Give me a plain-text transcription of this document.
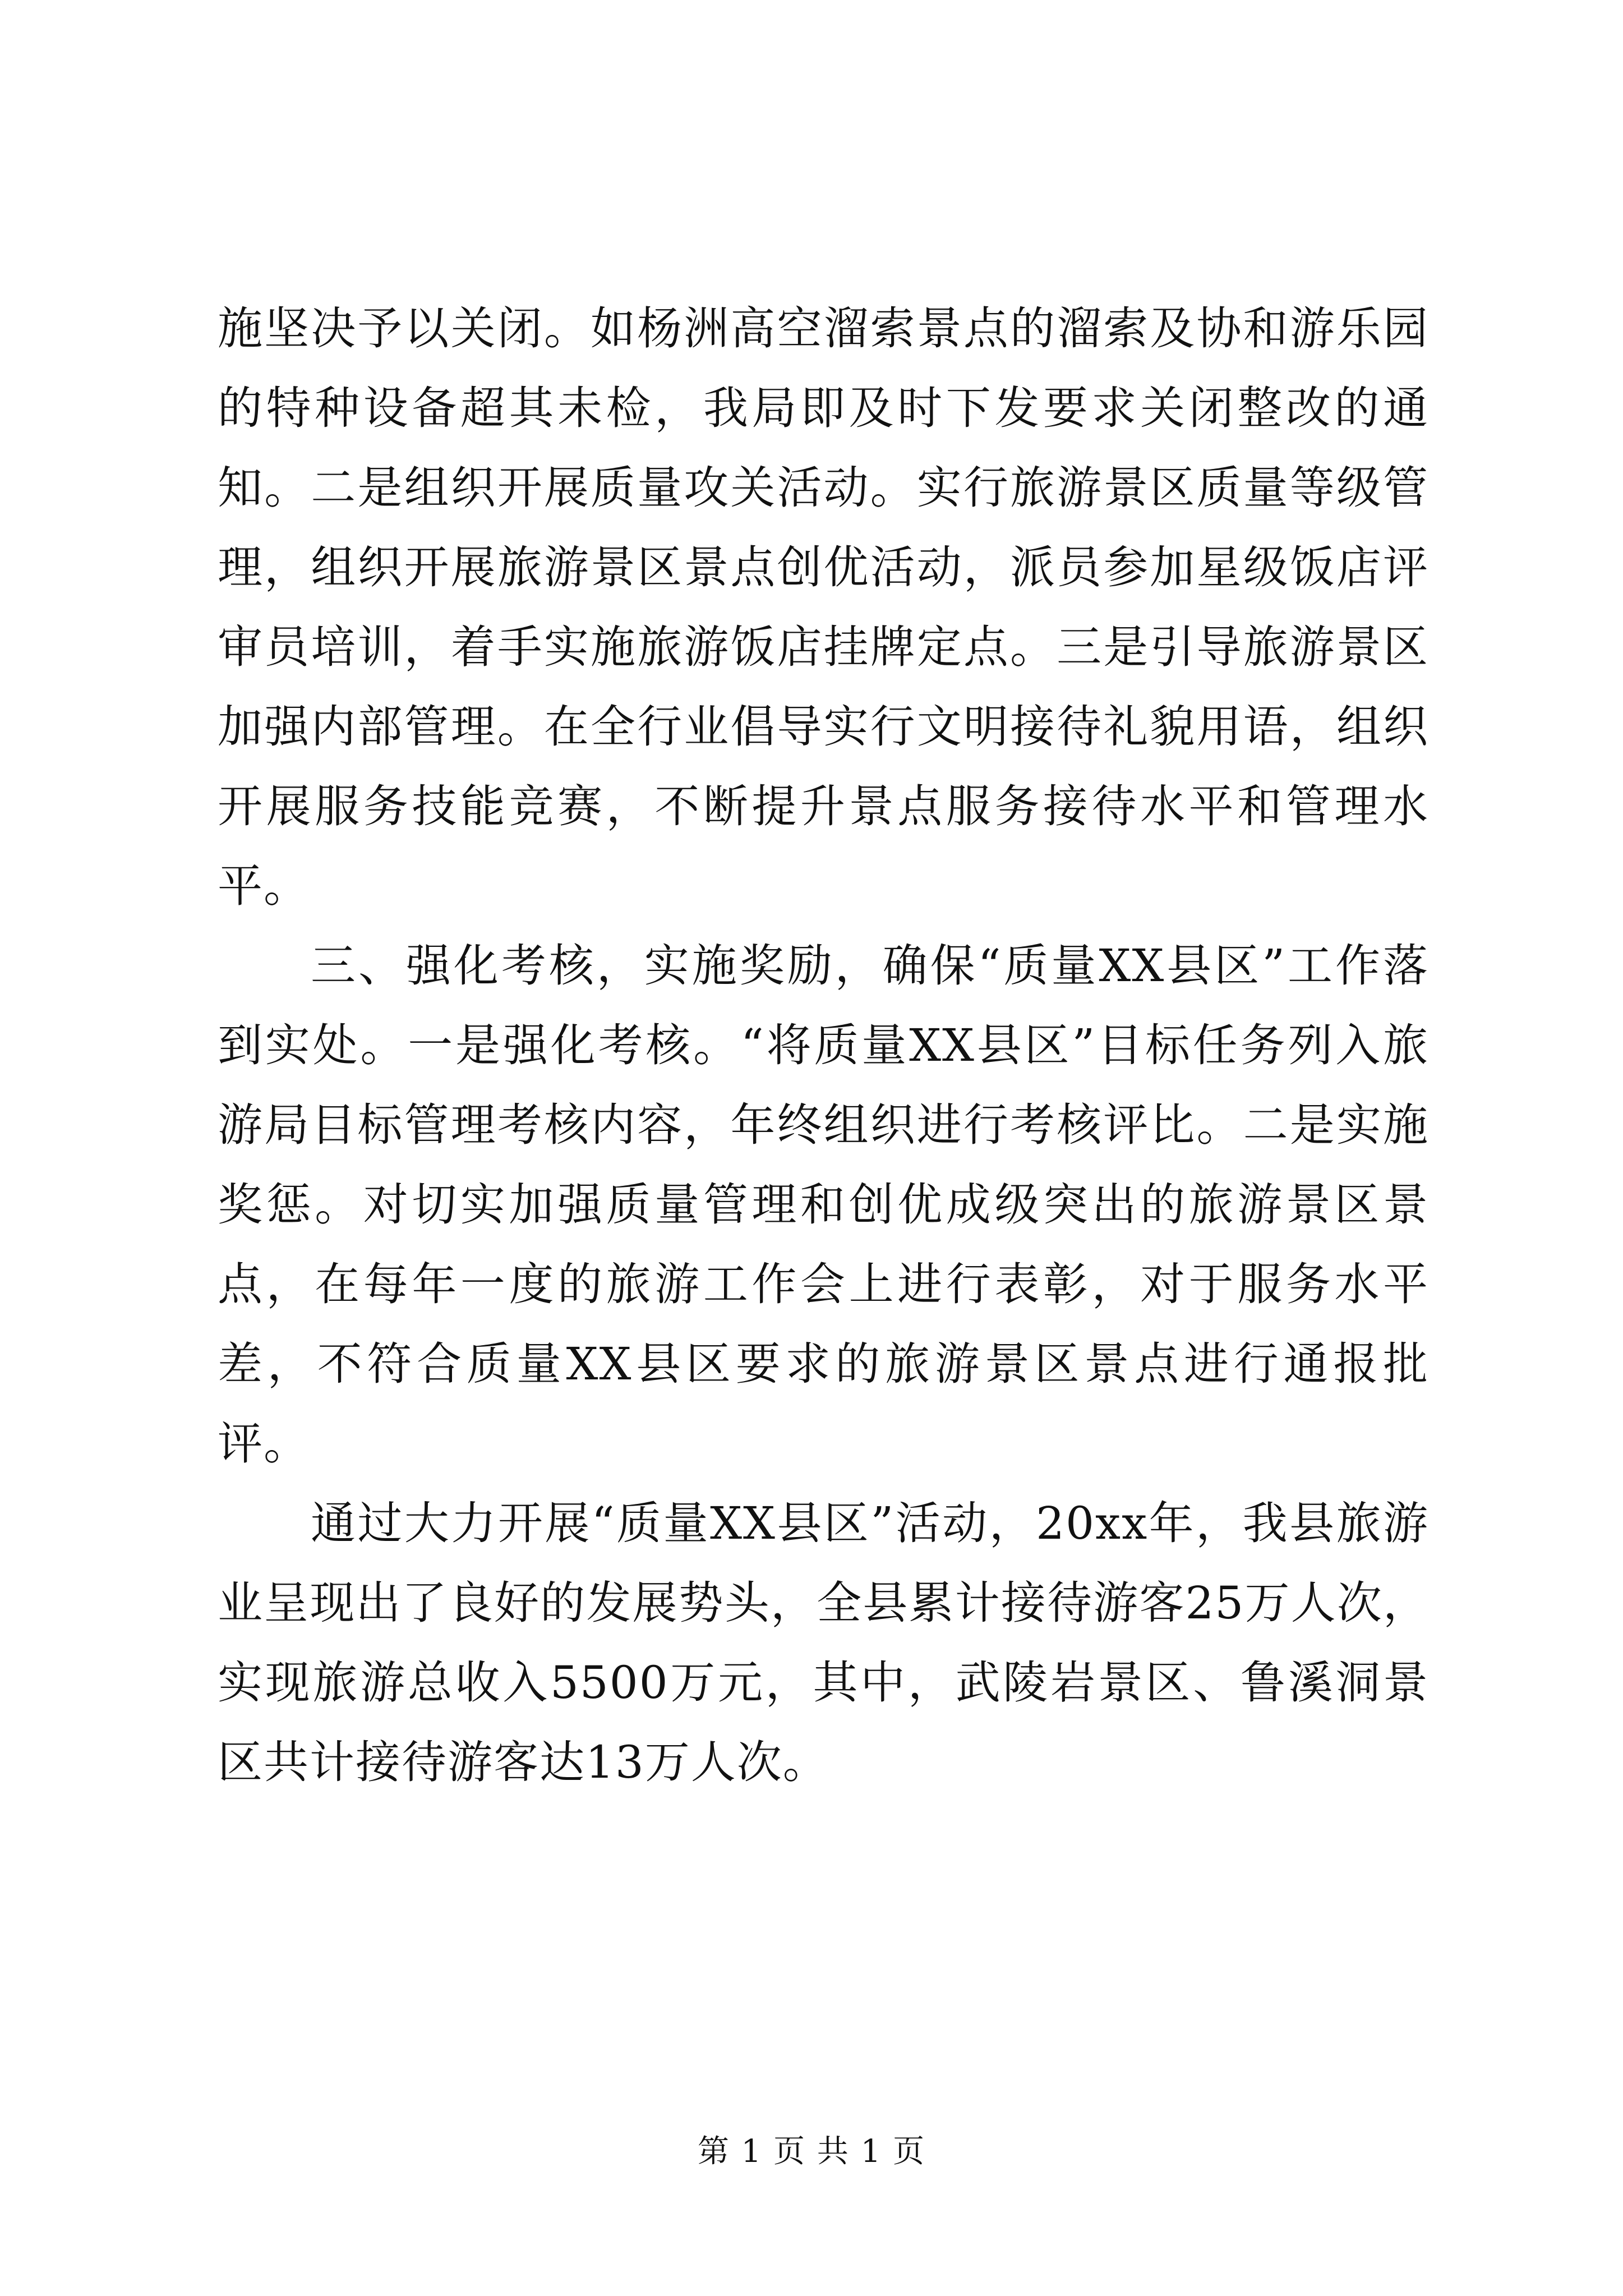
施坚决予以关闭。如杨洲高空溜索景点的溜索及协和游乐园的特种设备超其未检，我局即及时下发要求关闭整改的通知。二是组织开展质量攻关活动。实行旅游景区质量等级管理，组织开展旅游景区景点创优活动，派员参加星级饭店评审员培训，着手实施旅游饭店挂牌定点。三是引导旅游景区加强内部管理。在全行业倡导实行文明接待礼貌用语，组织开展服务技能竞赛，不断提升景点服务接待水平和管理水平。

三、强化考核，实施奖励，确保“质量XX县区”工作落到实处。一是强化考核。“将质量XX县区”目标任务列入旅游局目标管理考核内容，年终组织进行考核评比。二是实施奖惩。对切实加强质量管理和创优成级突出的旅游景区景点，在每年一度的旅游工作会上进行表彰，对于服务水平差，不符合质量XX县区要求的旅游景区景点进行通报批评。

通过大力开展“质量XX县区”活动，20xx年，我县旅游业呈现出了良好的发展势头，全县累计接待游客25万人次，实现旅游总收入5500万元，其中，武陵岩景区、鲁溪洞景区共计接待游客达13万人次。

第 1 页 共 1 页
